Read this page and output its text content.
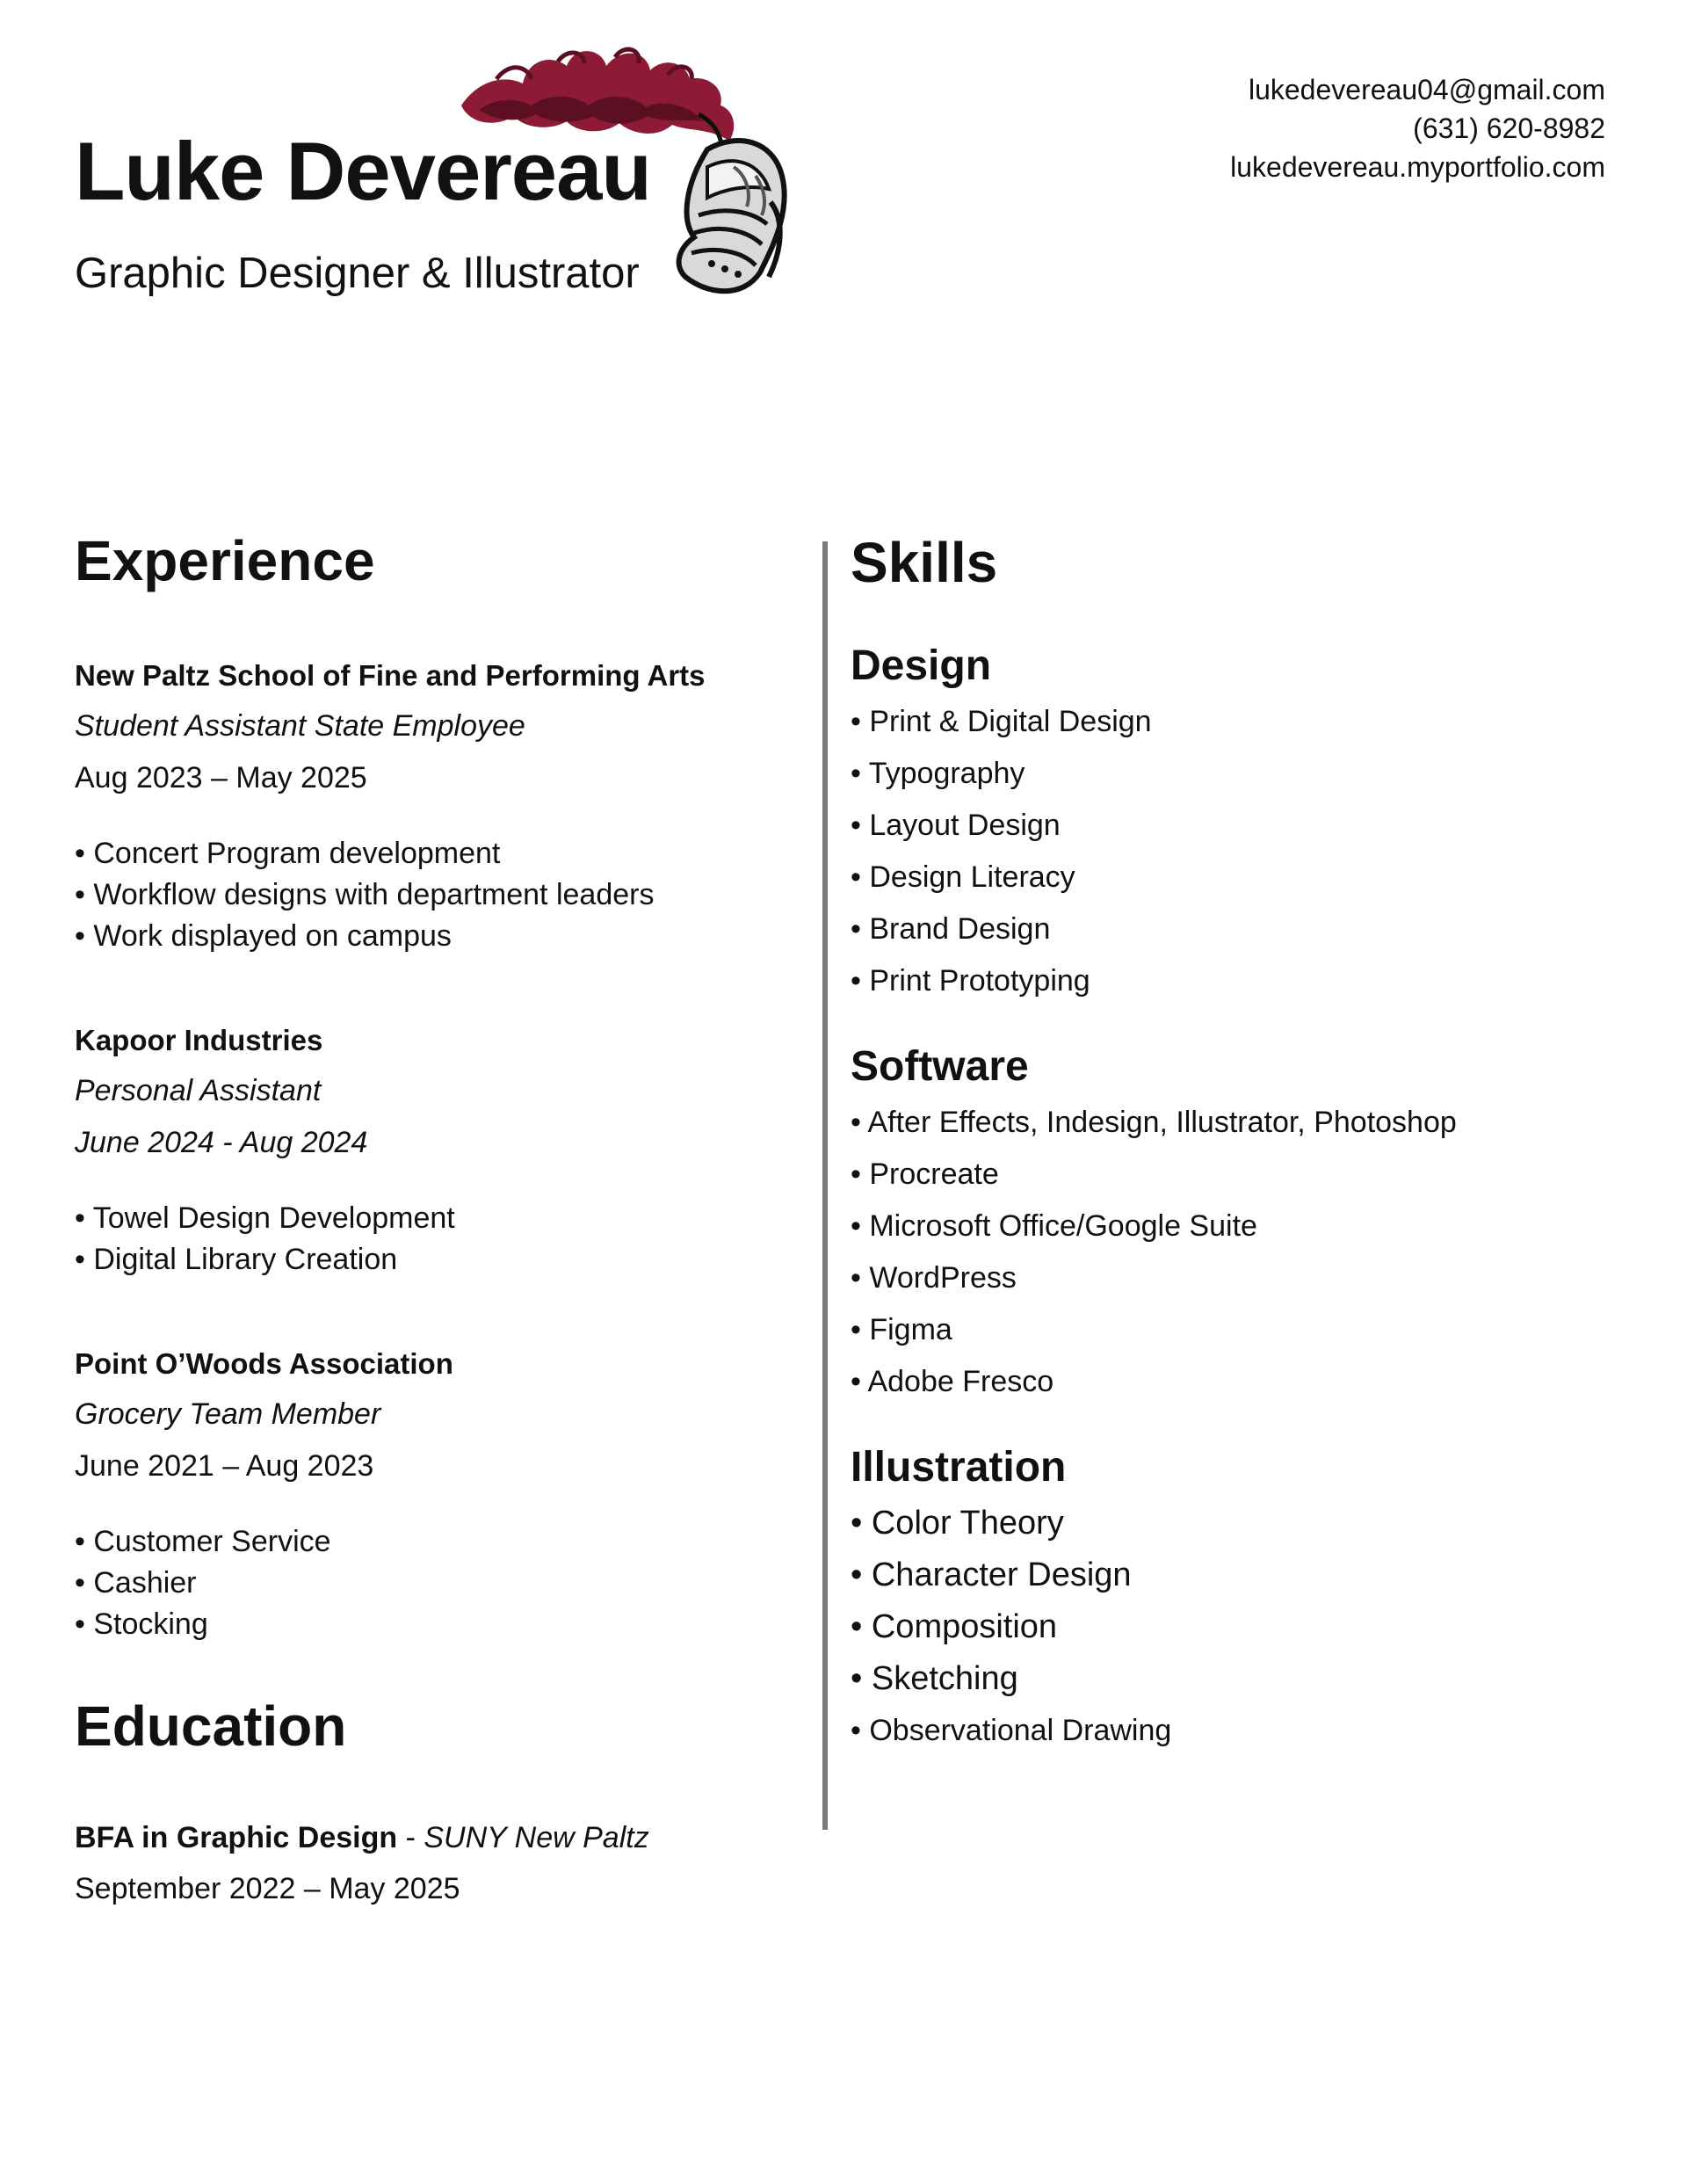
Luke Devereau

Graphic Designer & Illustrator

lukedevereau04@gmail.com
(631) 620-8982
lukedevereau.myportfolio.com
Experience
New Paltz School of Fine and Performing Arts
Student Assistant State Employee
Aug 2023 – May 2025
• Concert Program development
• Workflow designs with department leaders
• Work displayed on campus
Kapoor Industries
Personal Assistant
June 2024 - Aug 2024
• Towel Design Development
• Digital Library Creation
Point O’Woods Association
Grocery Team Member
June 2021 – Aug 2023
• Customer Service
• Cashier
• Stocking
Education
BFA in Graphic Design - SUNY New Paltz
September 2022 – May 2025
Skills
Design
• Print & Digital Design
• Typography
• Layout Design
• Design Literacy
• Brand Design
• Print Prototyping
Software
• After Effects, Indesign, Illustrator, Photoshop
• Procreate
• Microsoft Office/Google Suite
• WordPress
• Figma
• Adobe Fresco
Illustration
• Color Theory
• Character Design
• Composition
• Sketching
• Observational Drawing
